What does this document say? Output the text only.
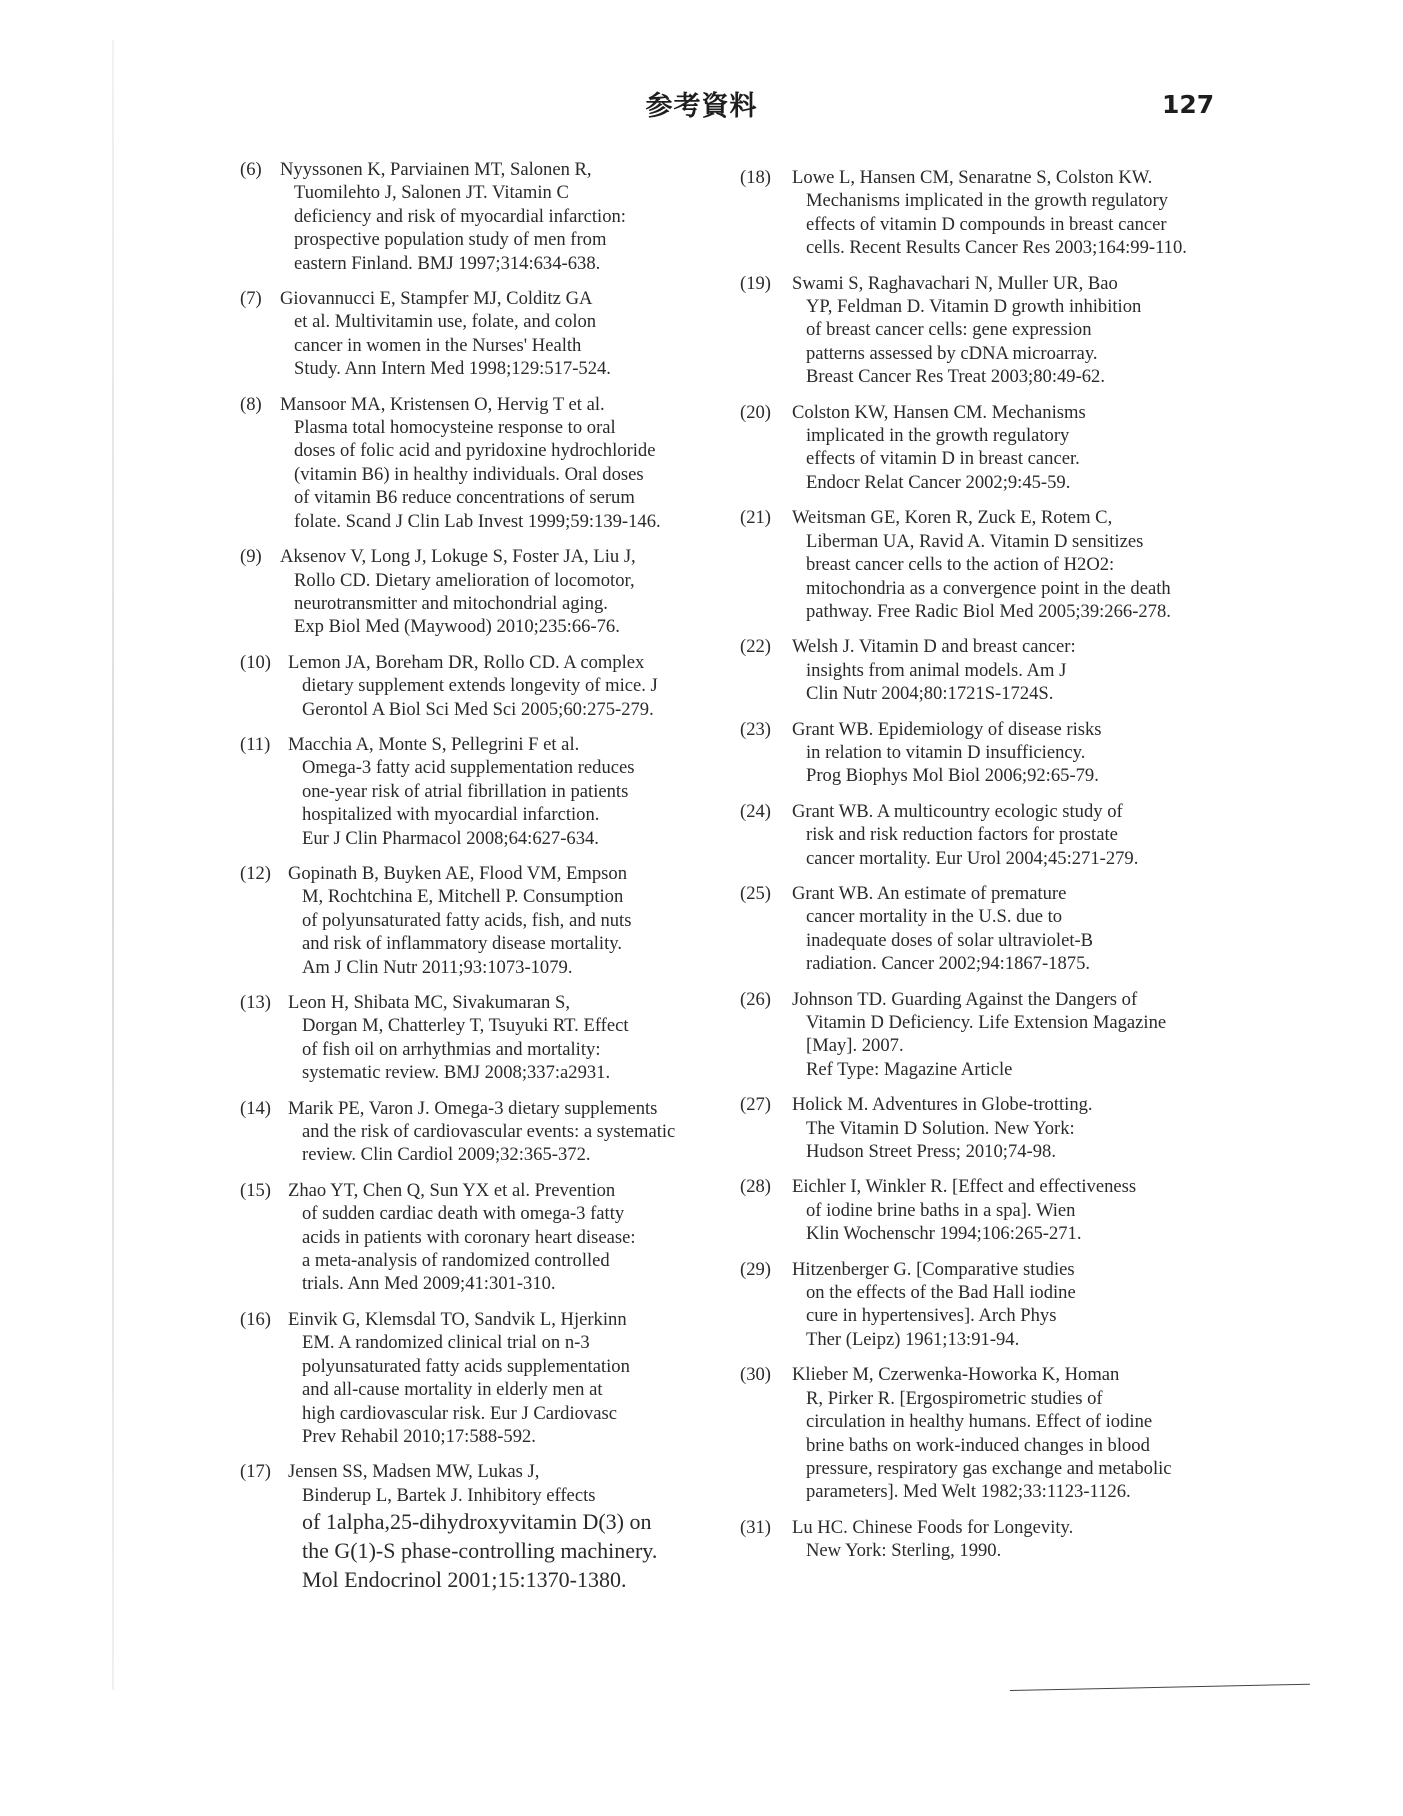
参考資料	127
(6) Nyyssonen K, Parviainen MT, Salonen R,
Tuomilehto J, Salonen JT. Vitamin C
deficiency and risk of myocardial infarction:
prospective population study of men from
eastern Finland. BMJ 1997;314:634-638.
(7) Giovannucci E, Stampfer MJ, Colditz GA
et al. Multivitamin use, folate, and colon
cancer in women in the Nurses' Health
Study. Ann Intern Med 1998;129:517-524.
(8) Mansoor MA, Kristensen O, Hervig T et al.
Plasma total homocysteine response to oral
doses of folic acid and pyridoxine hydrochloride
(vitamin B6) in healthy individuals. Oral doses
of vitamin B6 reduce concentrations of serum
folate. Scand J Clin Lab Invest 1999;59:139-146.
(9) Aksenov V, Long J, Lokuge S, Foster JA, Liu J,
Rollo CD. Dietary amelioration of locomotor,
neurotransmitter and mitochondrial aging.
Exp Biol Med (Maywood) 2010;235:66-76.
(10) Lemon JA, Boreham DR, Rollo CD. A complex
dietary supplement extends longevity of mice. J
Gerontol A Biol Sci Med Sci 2005;60:275-279.
(11) Macchia A, Monte S, Pellegrini F et al.
Omega-3 fatty acid supplementation reduces
one-year risk of atrial fibrillation in patients
hospitalized with myocardial infarction.
Eur J Clin Pharmacol 2008;64:627-634.
(12) Gopinath B, Buyken AE, Flood VM, Empson
M, Rochtchina E, Mitchell P. Consumption
of polyunsaturated fatty acids, fish, and nuts
and risk of inflammatory disease mortality.
Am J Clin Nutr 2011;93:1073-1079.
(13) Leon H, Shibata MC, Sivakumaran S,
Dorgan M, Chatterley T, Tsuyuki RT. Effect
of fish oil on arrhythmias and mortality:
systematic review. BMJ 2008;337:a2931.
(14) Marik PE, Varon J. Omega-3 dietary supplements
and the risk of cardiovascular events: a systematic
review. Clin Cardiol 2009;32:365-372.
(15) Zhao YT, Chen Q, Sun YX et al. Prevention
of sudden cardiac death with omega-3 fatty
acids in patients with coronary heart disease:
a meta-analysis of randomized controlled
trials. Ann Med 2009;41:301-310.
(16) Einvik G, Klemsdal TO, Sandvik L, Hjerkinn
EM. A randomized clinical trial on n-3
polyunsaturated fatty acids supplementation
and all-cause mortality in elderly men at
high cardiovascular risk. Eur J Cardiovasc
Prev Rehabil 2010;17:588-592.
(17) Jensen SS, Madsen MW, Lukas J,
Binderup L, Bartek J. Inhibitory effects
of 1alpha,25-dihydroxyvitamin D(3) on
the G(1)-S phase-controlling machinery.
Mol Endocrinol 2001;15:1370-1380.
(18)	Lowe L, Hansen CM, Senaratne S, Colston KW.
Mechanisms implicated in the growth regulatory
effects of vitamin D compounds in breast cancer
cells. Recent Results Cancer Res 2003;164:99-110.
(19)	Swami S, Raghavachari N, Muller UR, Bao
YP, Feldman D. Vitamin D growth inhibition
of breast cancer cells: gene expression
patterns assessed by cDNA microarray.
Breast Cancer Res Treat 2003;80:49-62.
(20)	Colston KW, Hansen CM. Mechanisms
implicated in the growth regulatory
effects of vitamin D in breast cancer.
Endocr Relat Cancer 2002;9:45-59.
(21)	Weitsman GE, Koren R, Zuck E, Rotem C,
Liberman UA, Ravid A. Vitamin D sensitizes
breast cancer cells to the action of H2O2:
mitochondria as a convergence point in the death
pathway. Free Radic Biol Med 2005;39:266-278.
(22)	Welsh J. Vitamin D and breast cancer:
insights from animal models. Am J
Clin Nutr 2004;80:1721S-1724S.
(23)	Grant WB. Epidemiology of disease risks
in relation to vitamin D insufficiency.
Prog Biophys Mol Biol 2006;92:65-79.
(24)	Grant WB. A multicountry ecologic study of
risk and risk reduction factors for prostate
cancer mortality. Eur Urol 2004;45:271-279.
(25)	Grant WB. An estimate of premature
cancer mortality in the U.S. due to
inadequate doses of solar ultraviolet-B
radiation. Cancer 2002;94:1867-1875.
(26)	Johnson TD. Guarding Against the Dangers of
Vitamin D Deficiency. Life Extension Magazine
[May]. 2007.
Ref Type: Magazine Article
(27)	Holick M. Adventures in Globe-trotting.
The Vitamin D Solution. New York:
Hudson Street Press; 2010;74-98.
(28)	Eichler I, Winkler R. [Effect and effectiveness
of iodine brine baths in a spa]. Wien
Klin Wochenschr 1994;106:265-271.
(29)	Hitzenberger G. [Comparative studies
on the effects of the Bad Hall iodine
cure in hypertensives]. Arch Phys
Ther (Leipz) 1961;13:91-94.
(30)	Klieber M, Czerwenka-Howorka K, Homan
R, Pirker R. [Ergospirometric studies of
circulation in healthy humans. Effect of iodine
brine baths on work-induced changes in blood
pressure, respiratory gas exchange and metabolic
parameters]. Med Welt 1982;33:1123-1126.
(31)	Lu HC. Chinese Foods for Longevity.
New York: Sterling, 1990.
